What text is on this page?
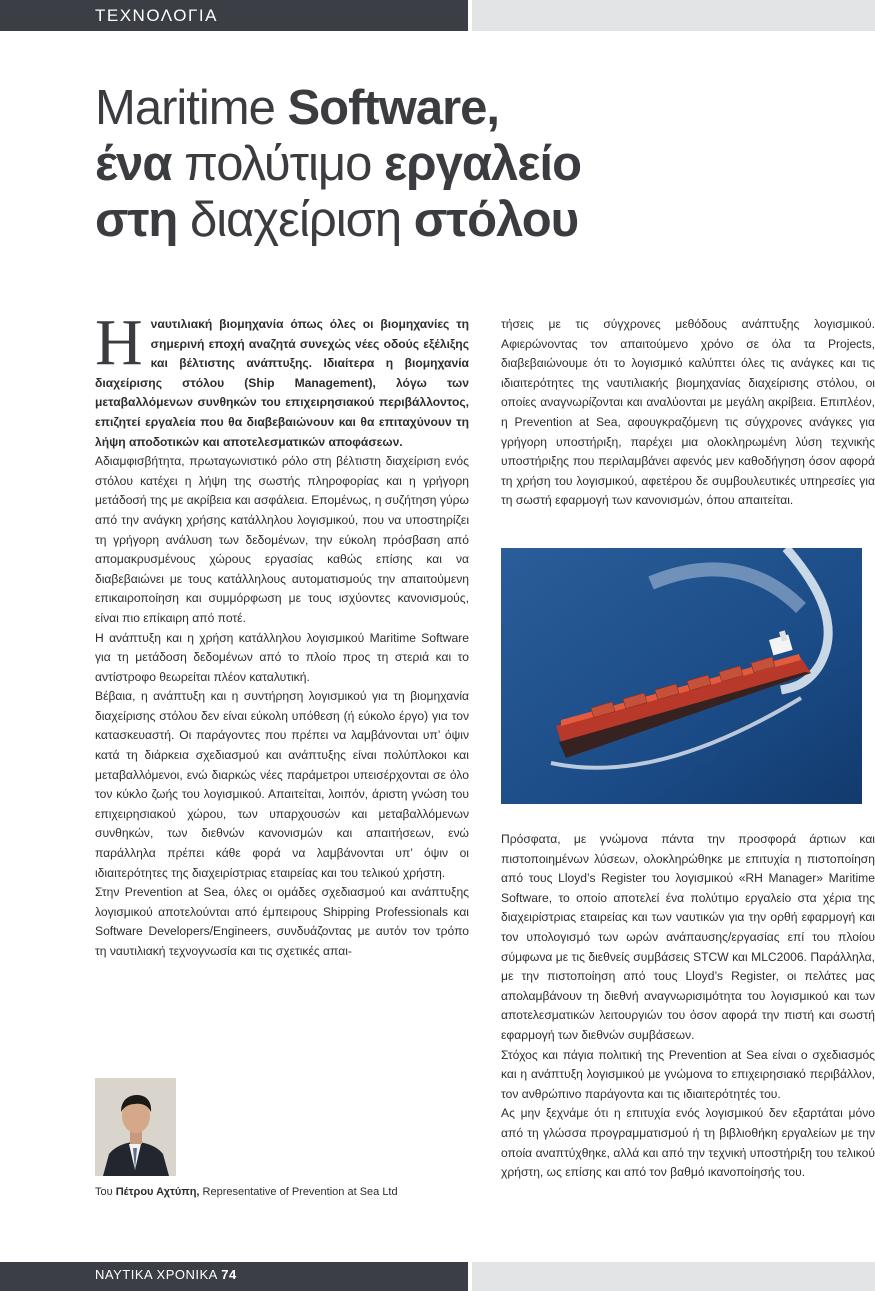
ΤΕΧΝΟΛΟΓΙΑ
Maritime Software,
ένα πολύτιμο εργαλείο
στη διαχείριση στόλου

Ηναυτιλιακή βιομηχανία όπως όλες οι βιομηχανίες τη σημερινή εποχή αναζητά συνεχώς νέες οδούς εξέλιξης και βέλτιστης ανάπτυξης. Ιδιαίτερα η βιομηχανία διαχείρισης στόλου (Ship Management), λόγω των μεταβαλλόμενων συνθηκών του επιχειρησιακού περιβάλλοντος, επιζητεί εργαλεία που θα διαβεβαιώνουν και θα επιταχύνουν τη λήψη αποδοτικών και αποτελεσματικών αποφάσεων.

Αδιαμφισβήτητα, πρωταγωνιστικό ρόλο στη βέλτιστη διαχείριση ενός στόλου κατέχει η λήψη της σωστής πληροφορίας και η γρήγορη μετάδοσή της με ακρίβεια και ασφάλεια. Επομένως, η συζήτηση γύρω από την ανάγκη χρήσης κατάλληλου λογισμικού, που να υποστηρίζει τη γρήγορη ανάλυση των δεδομένων, την εύκολη πρόσβαση από απομακρυσμένους χώρους εργασίας καθώς επίσης και να διαβεβαιώνει με τους κατάλληλους αυτοματισμούς την απαιτούμενη επικαιροποίηση και συμμόρφωση με τους ισχύοντες κανονισμούς, είναι πιο επίκαιρη από ποτέ.

Η ανάπτυξη και η χρήση κατάλληλου λογισμικού Maritime Software για τη μετάδοση δεδομένων από το πλοίο προς τη στεριά και το αντίστροφο θεωρείται πλέον καταλυτική.

Βέβαια, η ανάπτυξη και η συντήρηση λογισμικού για τη βιομηχανία διαχείρισης στόλου δεν είναι εύκολη υπόθεση (ή εύκολο έργο) για τον κατασκευαστή. Οι παράγοντες που πρέπει να λαμβάνονται υπ’ όψιν κατά τη διάρκεια σχεδιασμού και ανάπτυξης είναι πολύπλοκοι και μεταβαλλόμενοι, ενώ διαρκώς νέες παράμετροι υπεισέρχονται σε όλο τον κύκλο ζωής του λογισμικού. Απαιτείται, λοιπόν, άριστη γνώση του επιχειρησιακού χώρου, των υπαρχουσών και μεταβαλλόμενων συνθηκών, των διεθνών κανονισμών και απαιτήσεων, ενώ παράλληλα πρέπει κάθε φορά να λαμβάνονται υπ’ όψιν οι ιδιαιτερότητες της διαχειρίστριας εταιρείας και του τελικού χρήστη.

Στην Prevention at Sea, όλες οι ομάδες σχεδιασμού και ανάπτυξης λογισμικού αποτελούνται από έμπειρους Shipping Professionals και Software Developers/Engineers, συνδυάζοντας με αυτόν τον τρόπο τη ναυτιλιακή τεχνογνωσία και τις σχετικές απαι-

τήσεις με τις σύγχρονες μεθόδους ανάπτυξης λογισμικού. Αφιερώνοντας τον απαιτούμενο χρόνο σε όλα τα Projects, διαβεβαιώνουμε ότι το λογισμικό καλύπτει όλες τις ανάγκες και τις ιδιαιτερότητες της ναυτιλιακής βιομηχανίας διαχείρισης στόλου, οι οποίες αναγνωρίζονται και αναλύονται με μεγάλη ακρίβεια. Επιπλέον, η Prevention at Sea, αφουγκραζόμενη τις σύγχρονες ανάγκες για γρήγορη υποστήριξη, παρέχει μια ολοκληρωμένη λύση τεχνικής υποστήριξης που περιλαμβάνει αφενός μεν καθοδήγηση όσον αφορά τη χρήση του λογισμικού, αφετέρου δε συμβουλευτικές υπηρεσίες για τη σωστή εφαρμογή των κανονισμών, όπου απαιτείται.

Πρόσφατα, με γνώμονα πάντα την προσφορά άρτιων και πιστοποιημένων λύσεων, ολοκληρώθηκε με επιτυχία η πιστοποίηση από τους Lloyd’s Register του λογισμικού «RH Manager» Maritime Software, το οποίο αποτελεί ένα πολύτιμο εργαλείο στα χέρια της διαχειρίστριας εταιρείας και των ναυτικών για την ορθή εφαρμογή και τον υπολογισμό των ωρών ανάπαυσης/εργασίας επί του πλοίου σύμφωνα με τις διεθνείς συμβάσεις STCW και MLC2006. Παράλληλα, με την πιστοποίηση από τους Lloyd’s Register, οι πελάτες μας απολαμβάνουν τη διεθνή αναγνωρισιμότητα του λογισμικού και των αποτελεσματικών λειτουργιών του όσον αφορά την πιστή και σωστή εφαρμογή των διεθνών συμβάσεων.

Στόχος και πάγια πολιτική της Prevention at Sea είναι ο σχεδιασμός και η ανάπτυξη λογισμικού με γνώμονα το επιχειρησιακό περιβάλλον, τον ανθρώπινο παράγοντα και τις ιδιαιτερότητές του.

Ας μην ξεχνάμε ότι η επιτυχία ενός λογισμικού δεν εξαρτάται μόνο από τη γλώσσα προγραμματισμού ή τη βιβλιοθήκη εργαλείων με την οποία αναπτύχθηκε, αλλά και από την τεχνική υποστήριξη του τελικού χρήστη, ως επίσης και από τον βαθμό ικανοποίησής του.

Του Πέτρου Αχτύπη, Representative of Prevention at Sea Ltd
ΝΑΥΤΙΚΑ ΧΡΟΝΙΚΑ 74
